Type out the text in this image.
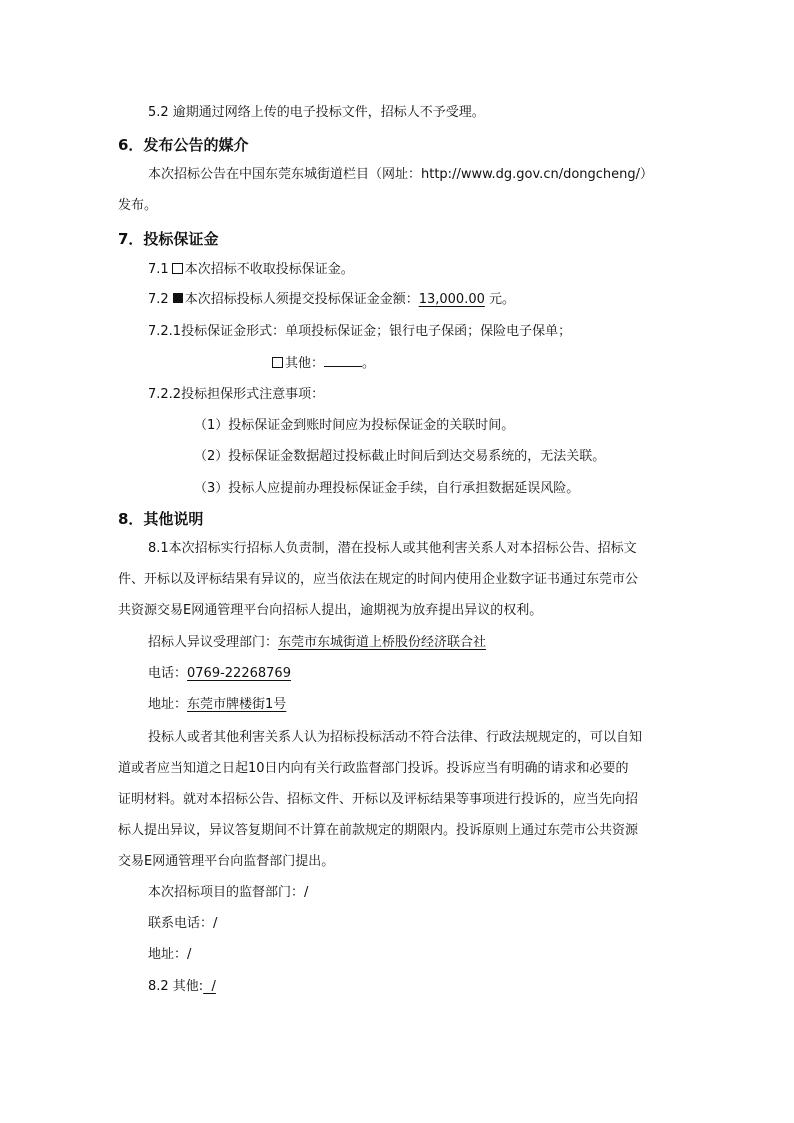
5.2 逾期通过网络上传的电子投标文件，招标人不予受理。

6．发布公告的媒介

本次招标公告在中国东莞东城街道栏目（网址：http://www.dg.gov.cn/dongcheng/）

发布。

7．投标保证金

7.1 本次招标不收取投标保证金。

7.2 本次招标投标人须提交投标保证金金额：13,000.00 元。

7.2.1投标保证金形式：单项投标保证金；银行电子保函；保险电子保单；

其他：	。

7.2.2投标担保形式注意事项：

（1）投标保证金到账时间应为投标保证金的关联时间。

（2）投标保证金数据超过投标截止时间后到达交易系统的，无法关联。

（3）投标人应提前办理投标保证金手续，自行承担数据延误风险。

8．其他说明

8.1本次招标实行招标人负责制，潜在投标人或其他利害关系人对本招标公告、招标文

件、开标以及评标结果有异议的，应当依法在规定的时间内使用企业数字证书通过东莞市公

共资源交易E网通管理平台向招标人提出，逾期视为放弃提出异议的权利。

招标人异议受理部门：东莞市东城街道上桥股份经济联合社

电话：0769-22268769

地址：东莞市牌楼街1号

投标人或者其他利害关系人认为招标投标活动不符合法律、行政法规规定的，可以自知

道或者应当知道之日起10日内向有关行政监督部门投诉。投诉应当有明确的请求和必要的

证明材料。就对本招标公告、招标文件、开标以及评标结果等事项进行投诉的，应当先向招

标人提出异议，异议答复期间不计算在前款规定的期限内。投诉原则上通过东莞市公共资源

交易E网通管理平台向监督部门提出。

本次招标项目的监督部门：/

联系电话：/

地址：/

8.2 其他:  /
